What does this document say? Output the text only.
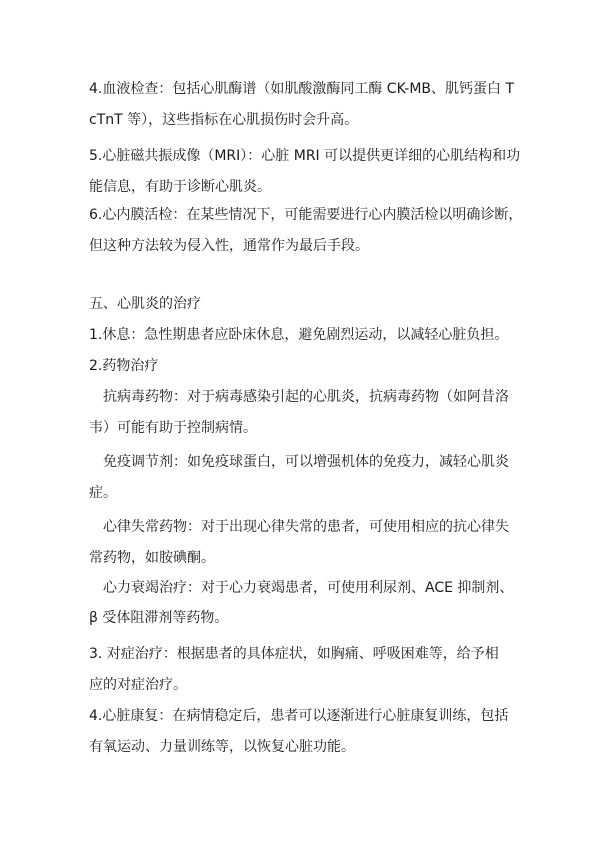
4.血液检查：包括心肌酶谱（如肌酸激酶同工酶 CK-MB、肌钙蛋白 T
cTnT 等），这些指标在心肌损伤时会升高。
5.心脏磁共振成像（MRI）：心脏 MRI 可以提供更详细的心肌结构和功
能信息，有助于诊断心肌炎。
6.心内膜活检：在某些情况下，可能需要进行心内膜活检以明确诊断，
但这种方法较为侵入性，通常作为最后手段。
五、心肌炎的治疗
1.休息：急性期患者应卧床休息，避免剧烈运动，以减轻心脏负担。
2.药物治疗
抗病毒药物：对于病毒感染引起的心肌炎，抗病毒药物（如阿昔洛
韦）可能有助于控制病情。
免疫调节剂：如免疫球蛋白，可以增强机体的免疫力，减轻心肌炎
症。
心律失常药物：对于出现心律失常的患者，可使用相应的抗心律失
常药物，如胺碘酮。
心力衰竭治疗：对于心力衰竭患者，可使用利尿剂、ACE 抑制剂、
β 受体阻滞剂等药物。
3. 对症治疗：根据患者的具体症状，如胸痛、呼吸困难等，给予相
应的对症治疗。
4.心脏康复：在病情稳定后，患者可以逐渐进行心脏康复训练，包括
有氧运动、力量训练等，以恢复心脏功能。
